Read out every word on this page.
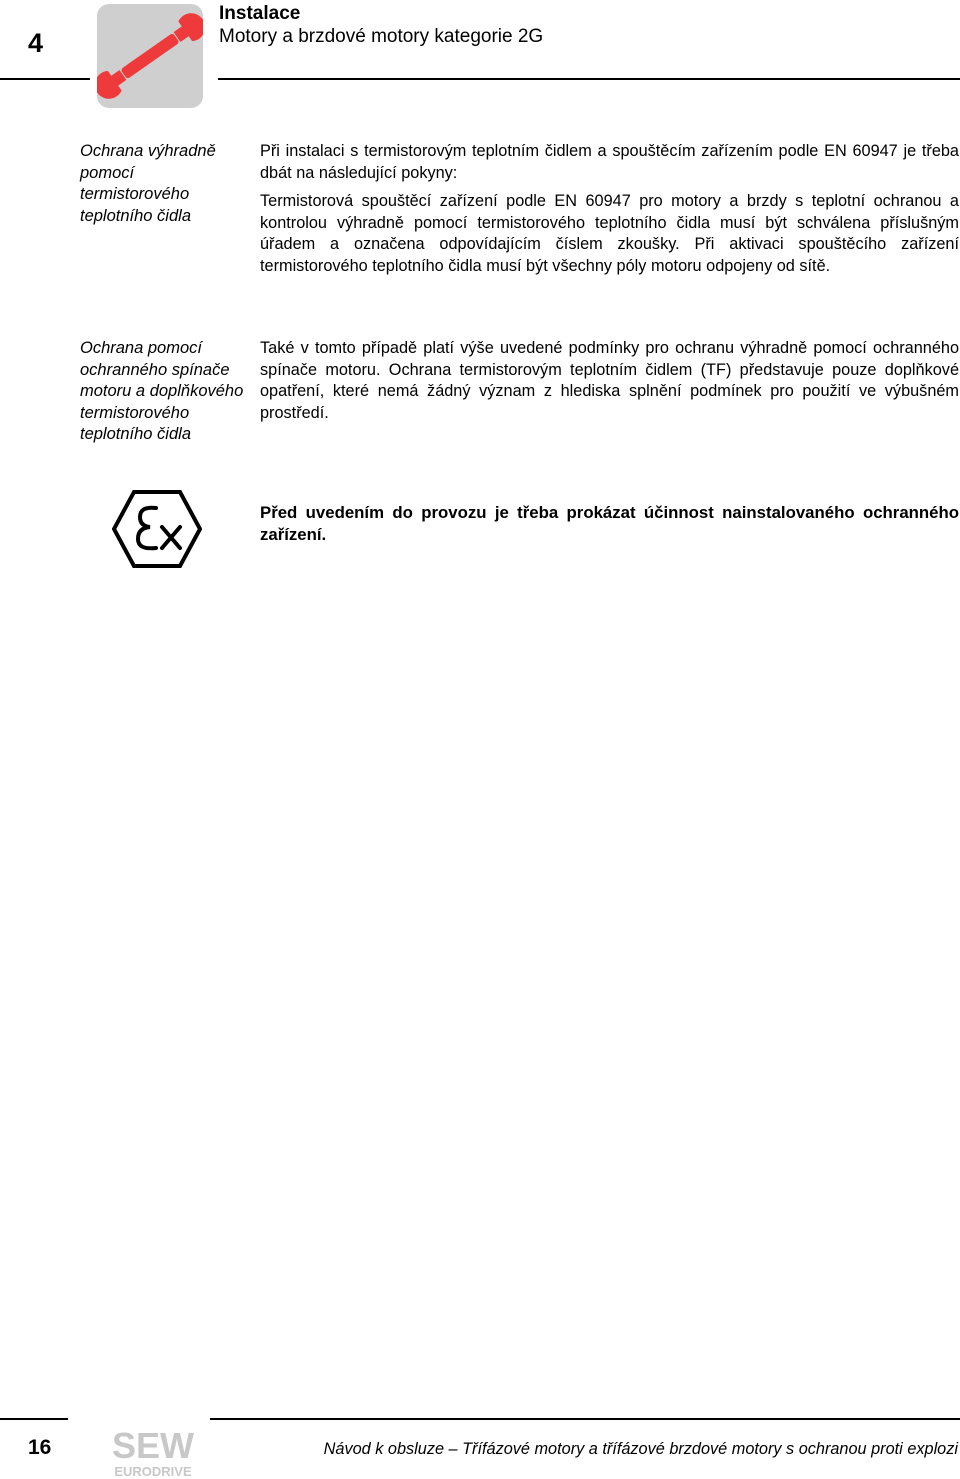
4
Instalace
Motory a brzdové motory kategorie 2G
Ochrana výhradně pomocí termistorového teplotního čidla
Při instalaci s termistorovým teplotním čidlem a spouštěcím zařízením podle EN 60947 je třeba dbát na následující pokyny:
Termistorová spouštěcí zařízení podle EN 60947 pro motory a brzdy s teplotní ochranou a kontrolou výhradně pomocí termistorového teplotního čidla musí být schválena příslušným úřadem a označena odpovídajícím číslem zkoušky. Při aktivaci spouštěcího zařízení termistorového teplotního čidla musí být všechny póly motoru odpojeny od sítě.
Ochrana pomocí ochranného spínače motoru a doplňkového termistorového teplotního čidla
Také v tomto případě platí výše uvedené podmínky pro ochranu výhradně pomocí ochranného spínače motoru. Ochrana termistorovým teplotním čidlem (TF) představuje pouze doplňkové opatření, které nemá žádný význam z hlediska splnění podmínek pro použití ve výbušném prostředí.
Před uvedením do provozu je třeba prokázat účinnost nainstalovaného ochranného zařízení.
16 SEW
EURODRIVE
Návod k obsluze – Třífázové motory a třífázové brzdové motory s ochranou proti explozi
